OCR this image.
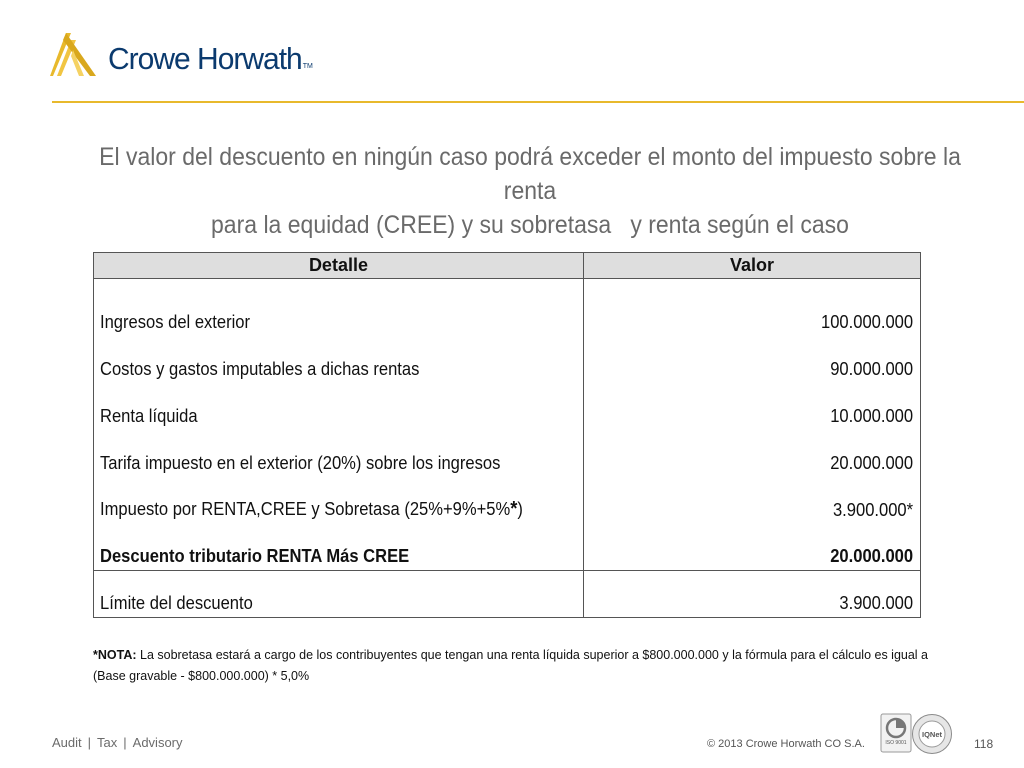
Crowe Horwath TM
El valor del descuento en ningún caso podrá exceder el monto del impuesto sobre la renta
para la equidad (CREE) y su sobretasa   y renta según el caso
Detalle	Valor
Ingresos del exterior	100.000.000
Costos y gastos imputables a dichas rentas	90.000.000
Renta líquida	10.000.000
Tarifa impuesto en el exterior (20%) sobre los ingresos	20.000.000
Impuesto por RENTA,CREE y Sobretasa (25%+9%+5%*)	3.900.000*
Descuento tributario RENTA Más CREE	20.000.000
Límite del descuento	3.900.000
*NOTA: La sobretasa estará a cargo de los contribuyentes que tengan una renta líquida superior a $800.000.000 y la fórmula para el cálculo es igual a (Base gravable - $800.000.000) * 5,0%
Audit | Tax | Advisory	© 2013 Crowe Horwath CO S.A.	ISO 9001
IQNet
118
